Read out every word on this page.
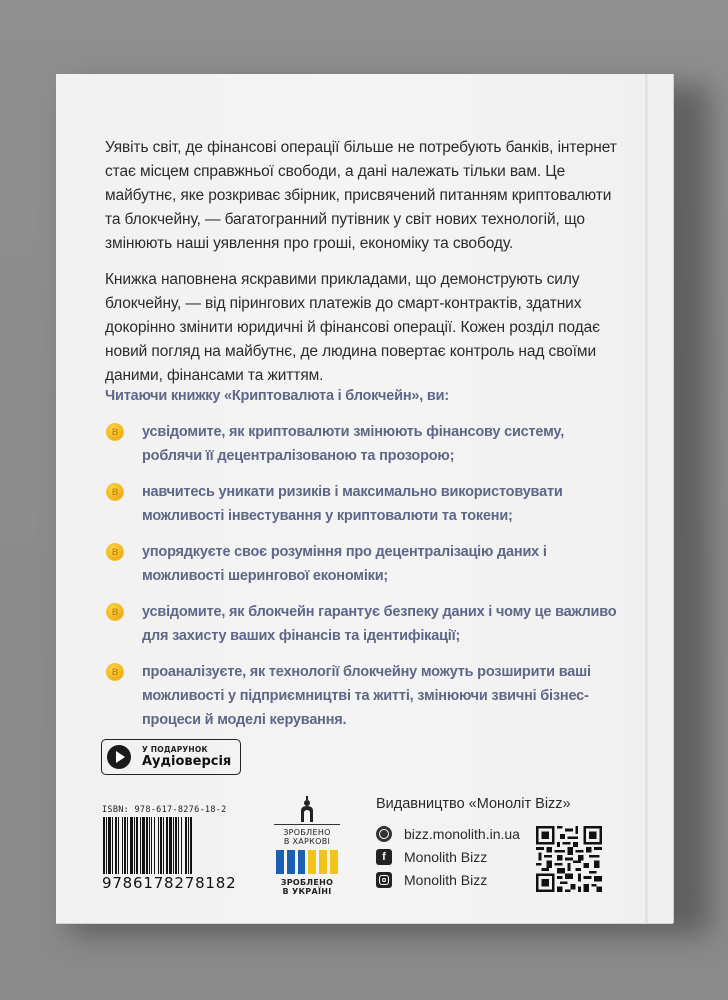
Уявіть світ, де фінансові операції більше не потребують банків, інтернет стає місцем справжньої свободи, а дані належать тільки вам. Це майбутнє, яке розкриває збірник, присвячений питанням криптовалюти та блокчейну, — багатогранний путівник у світ нових технологій, що змінюють наші уявлення про гроші, економіку та свободу.

Книжка наповнена яскравими прикладами, що демонструють силу блокчейну, — від пірингових платежів до смарт-контрактів, здатних докорінно змінити юридичні й фінансові операції. Кожен розділ подає новий погляд на майбутнє, де людина повертає контроль над своїми даними, фінансами та життям.

Читаючи книжку «Криптовалюта і блокчейн», ви:
B	усвідомите, як криптовалюти змінюють фінансову систему, роблячи її децентралізованою та прозорою;
B	навчитесь уникати ризиків і максимально використовувати можливості інвестування у криптовалюти та токени;
B	упорядкуєте своє розуміння про децентралізацію даних і можливості шерингової економіки;
B	усвідомите, як блокчейн гарантує безпеку даних і чому це важливо для захисту ваших фінансів та ідентифікації;
B	проаналізуєте, як технології блокчейну можуть розширити ваші можливості у підприємництві та житті, змінюючи звичні бізнес-процеси й моделі керування.
У ПОДАРУНОК
Аудіоверсія
ISBN: 978-617-8276-18-2
9786178278182
ЗРОБЛЕНО
В ХАРКОВІ
ЗРОБЛЕНО
В УКРАЇНІ
Видавництво «Моноліт Bizz»
bizz.monolith.in.ua
f	Monolith Bizz
Monolith Bizz
